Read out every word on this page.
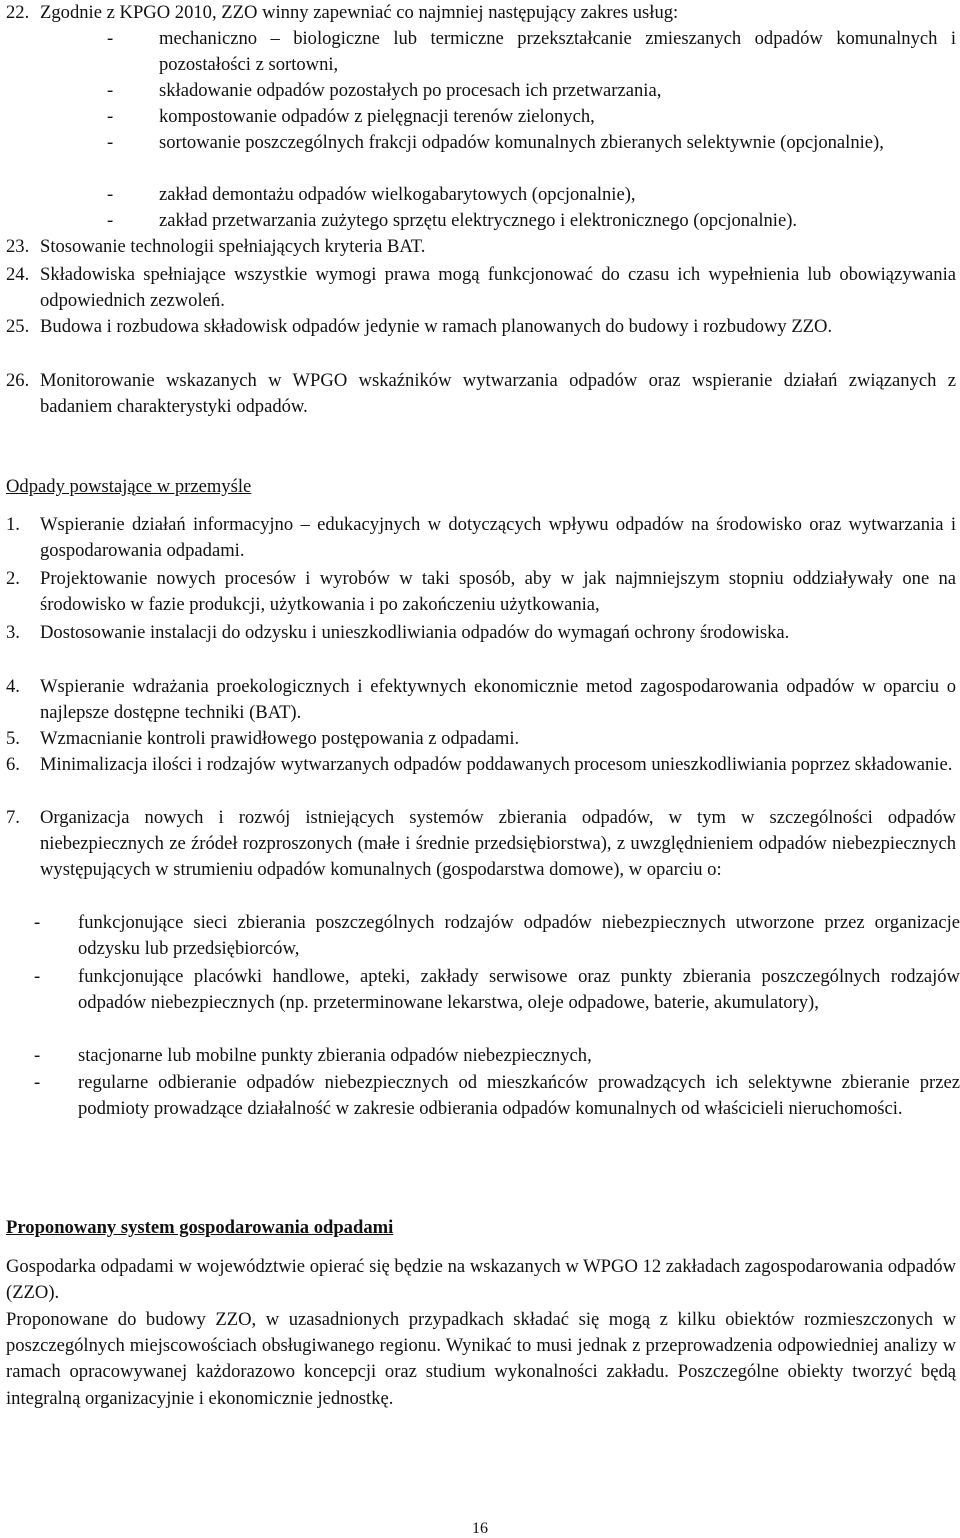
22. Zgodnie z KPGO 2010, ZZO winny zapewniać co najmniej następujący zakres usług:
- mechaniczno – biologiczne lub termiczne przekształcanie zmieszanych odpadów komunalnych i pozostałości z sortowni,
- składowanie odpadów pozostałych po procesach ich przetwarzania,
- kompostowanie odpadów z pielęgnacji terenów zielonych,
- sortowanie poszczególnych frakcji odpadów komunalnych zbieranych selektywnie (opcjonalnie),
- zakład demontażu odpadów wielkogabarytowych (opcjonalnie),
- zakład przetwarzania zużytego sprzętu elektrycznego i elektronicznego (opcjonalnie).
23. Stosowanie technologii spełniających kryteria BAT.
24. Składowiska spełniające wszystkie wymogi prawa mogą funkcjonować do czasu ich wypełnienia lub obowiązywania odpowiednich zezwoleń.
25. Budowa i rozbudowa składowisk odpadów jedynie w ramach planowanych do budowy i rozbudowy ZZO.
26. Monitorowanie wskazanych w WPGO wskaźników wytwarzania odpadów oraz wspieranie działań związanych z badaniem charakterystyki odpadów.
Odpady powstające w przemyśle
1. Wspieranie działań informacyjno – edukacyjnych w dotyczących wpływu odpadów na środowisko oraz wytwarzania i gospodarowania odpadami.
2. Projektowanie nowych procesów i wyrobów w taki sposób, aby w jak najmniejszym stopniu oddziaływały one na środowisko w fazie produkcji, użytkowania i po zakończeniu użytkowania,
3. Dostosowanie instalacji do odzysku i unieszkodliwiania odpadów do wymagań ochrony środowiska.
4. Wspieranie wdrażania proekologicznych i efektywnych ekonomicznie metod zagospodarowania odpadów w oparciu o najlepsze dostępne techniki (BAT).
5. Wzmacnianie kontroli prawidłowego postępowania z odpadami.
6. Minimalizacja ilości i rodzajów wytwarzanych odpadów poddawanych procesom unieszkodliwiania poprzez składowanie.
7. Organizacja nowych i rozwój istniejących systemów zbierania odpadów, w tym w szczególności odpadów niebezpiecznych ze źródeł rozproszonych (małe i średnie przedsiębiorstwa), z uwzględnieniem odpadów niebezpiecznych występujących w strumieniu odpadów komunalnych (gospodarstwa domowe), w oparciu o:
- funkcjonujące sieci zbierania poszczególnych rodzajów odpadów niebezpiecznych utworzone przez organizacje odzysku lub przedsiębiorców,
- funkcjonujące placówki handlowe, apteki, zakłady serwisowe oraz punkty zbierania poszczególnych rodzajów odpadów niebezpiecznych (np. przeterminowane lekarstwa, oleje odpadowe, baterie, akumulatory),
- stacjonarne lub mobilne punkty zbierania odpadów niebezpiecznych,
- regularne odbieranie odpadów niebezpiecznych od mieszkańców prowadzących ich selektywne zbieranie przez podmioty prowadzące działalność w zakresie odbierania odpadów komunalnych od właścicieli nieruchomości.
Proponowany system gospodarowania odpadami
Gospodarka odpadami w województwie opierać się będzie na wskazanych w WPGO 12 zakładach zagospodarowania odpadów (ZZO).
Proponowane do budowy ZZO, w uzasadnionych przypadkach składać się mogą z kilku obiektów rozmieszczonych w poszczególnych miejscowościach obsługiwanego regionu. Wynikać to musi jednak z przeprowadzenia odpowiedniej analizy w ramach opracowywanej każdorazowo koncepcji oraz studium wykonalności zakładu. Poszczególne obiekty tworzyć będą integralną organizacyjnie i ekonomicznie jednostkę.
16
